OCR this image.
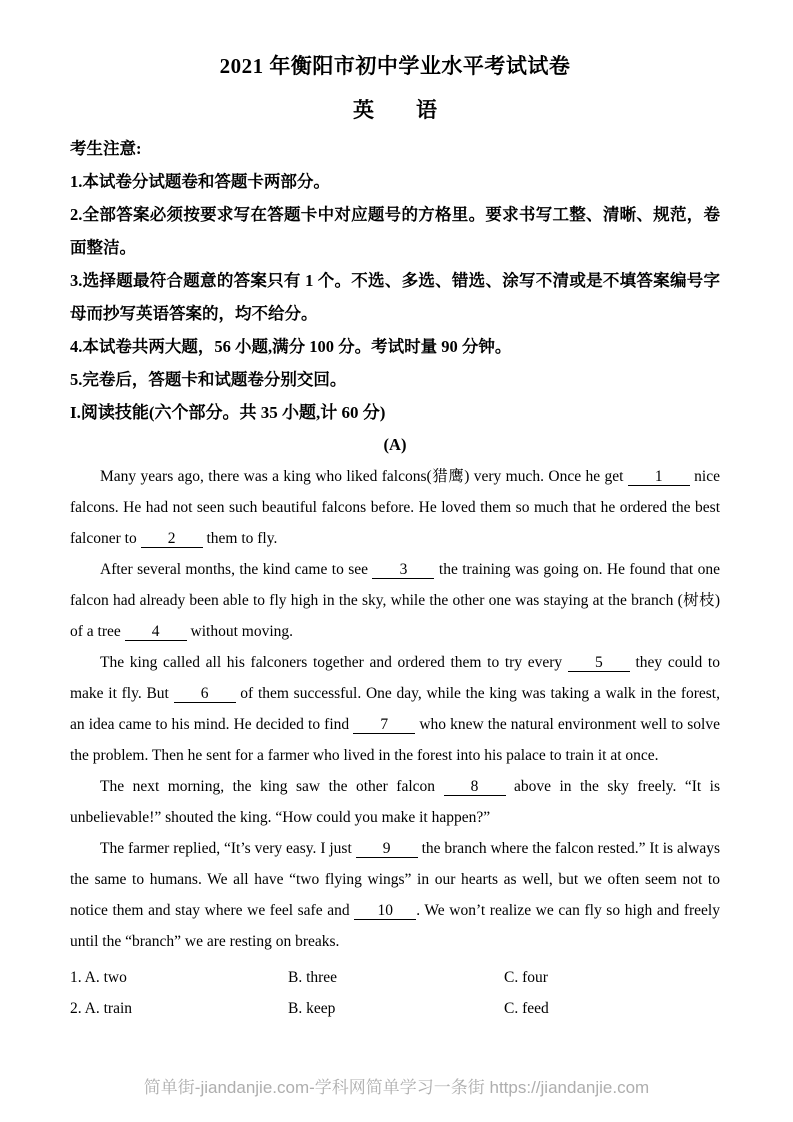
2021 年衡阳市初中学业水平考试试卷
英　　语

考生注意:

1.本试卷分试题卷和答题卡两部分。

2.全部答案必须按要求写在答题卡中对应题号的方格里。要求书写工整、清晰、规范，卷面整洁。

3.选择题最符合题意的答案只有 1 个。不选、多选、错选、涂写不清或是不填答案编号字母而抄写英语答案的，均不给分。

4.本试卷共两大题，56 小题,满分 100 分。考试时量 90 分钟。

5.完卷后，答题卡和试题卷分别交回。

I.阅读技能(六个部分。共 35 小题,计 60 分)

(A)

Many years ago, there was a king who liked falcons(猎鹰) very much. Once he get 1 nice falcons. He had not seen such beautiful falcons before. He loved them so much that he ordered the best falconer to 2 them to fly.

After several months, the kind came to see 3 the training was going on. He found that one falcon had already been able to fly high in the sky, while the other one was staying at the branch (树枝) of a tree 4 without moving.

The king called all his falconers together and ordered them to try every 5 they could to make it fly. But 6 of them successful. One day, while the king was taking a walk in the forest, an idea came to his mind. He decided to find 7 who knew the natural environment well to solve the problem. Then he sent for a farmer who lived in the forest into his palace to train it at once.

The next morning, the king saw the other falcon 8 above in the sky freely. “It is unbelievable!” shouted the king. “How could you make it happen?”

The farmer replied, “It’s very easy. I just 9 the branch where the falcon rested.” It is always the same to humans. We all have “two flying wings” in our hearts as well, but we often seem not to notice them and stay where we feel safe and 10 . We won’t realize we can fly so high and freely until the “branch” we are resting on breaks.

1. A. two	B. three	C. four
2. A. train	B. keep	C. feed
简单街-jiandanjie.com-学科网简单学习一条街 https://jiandanjie.com
